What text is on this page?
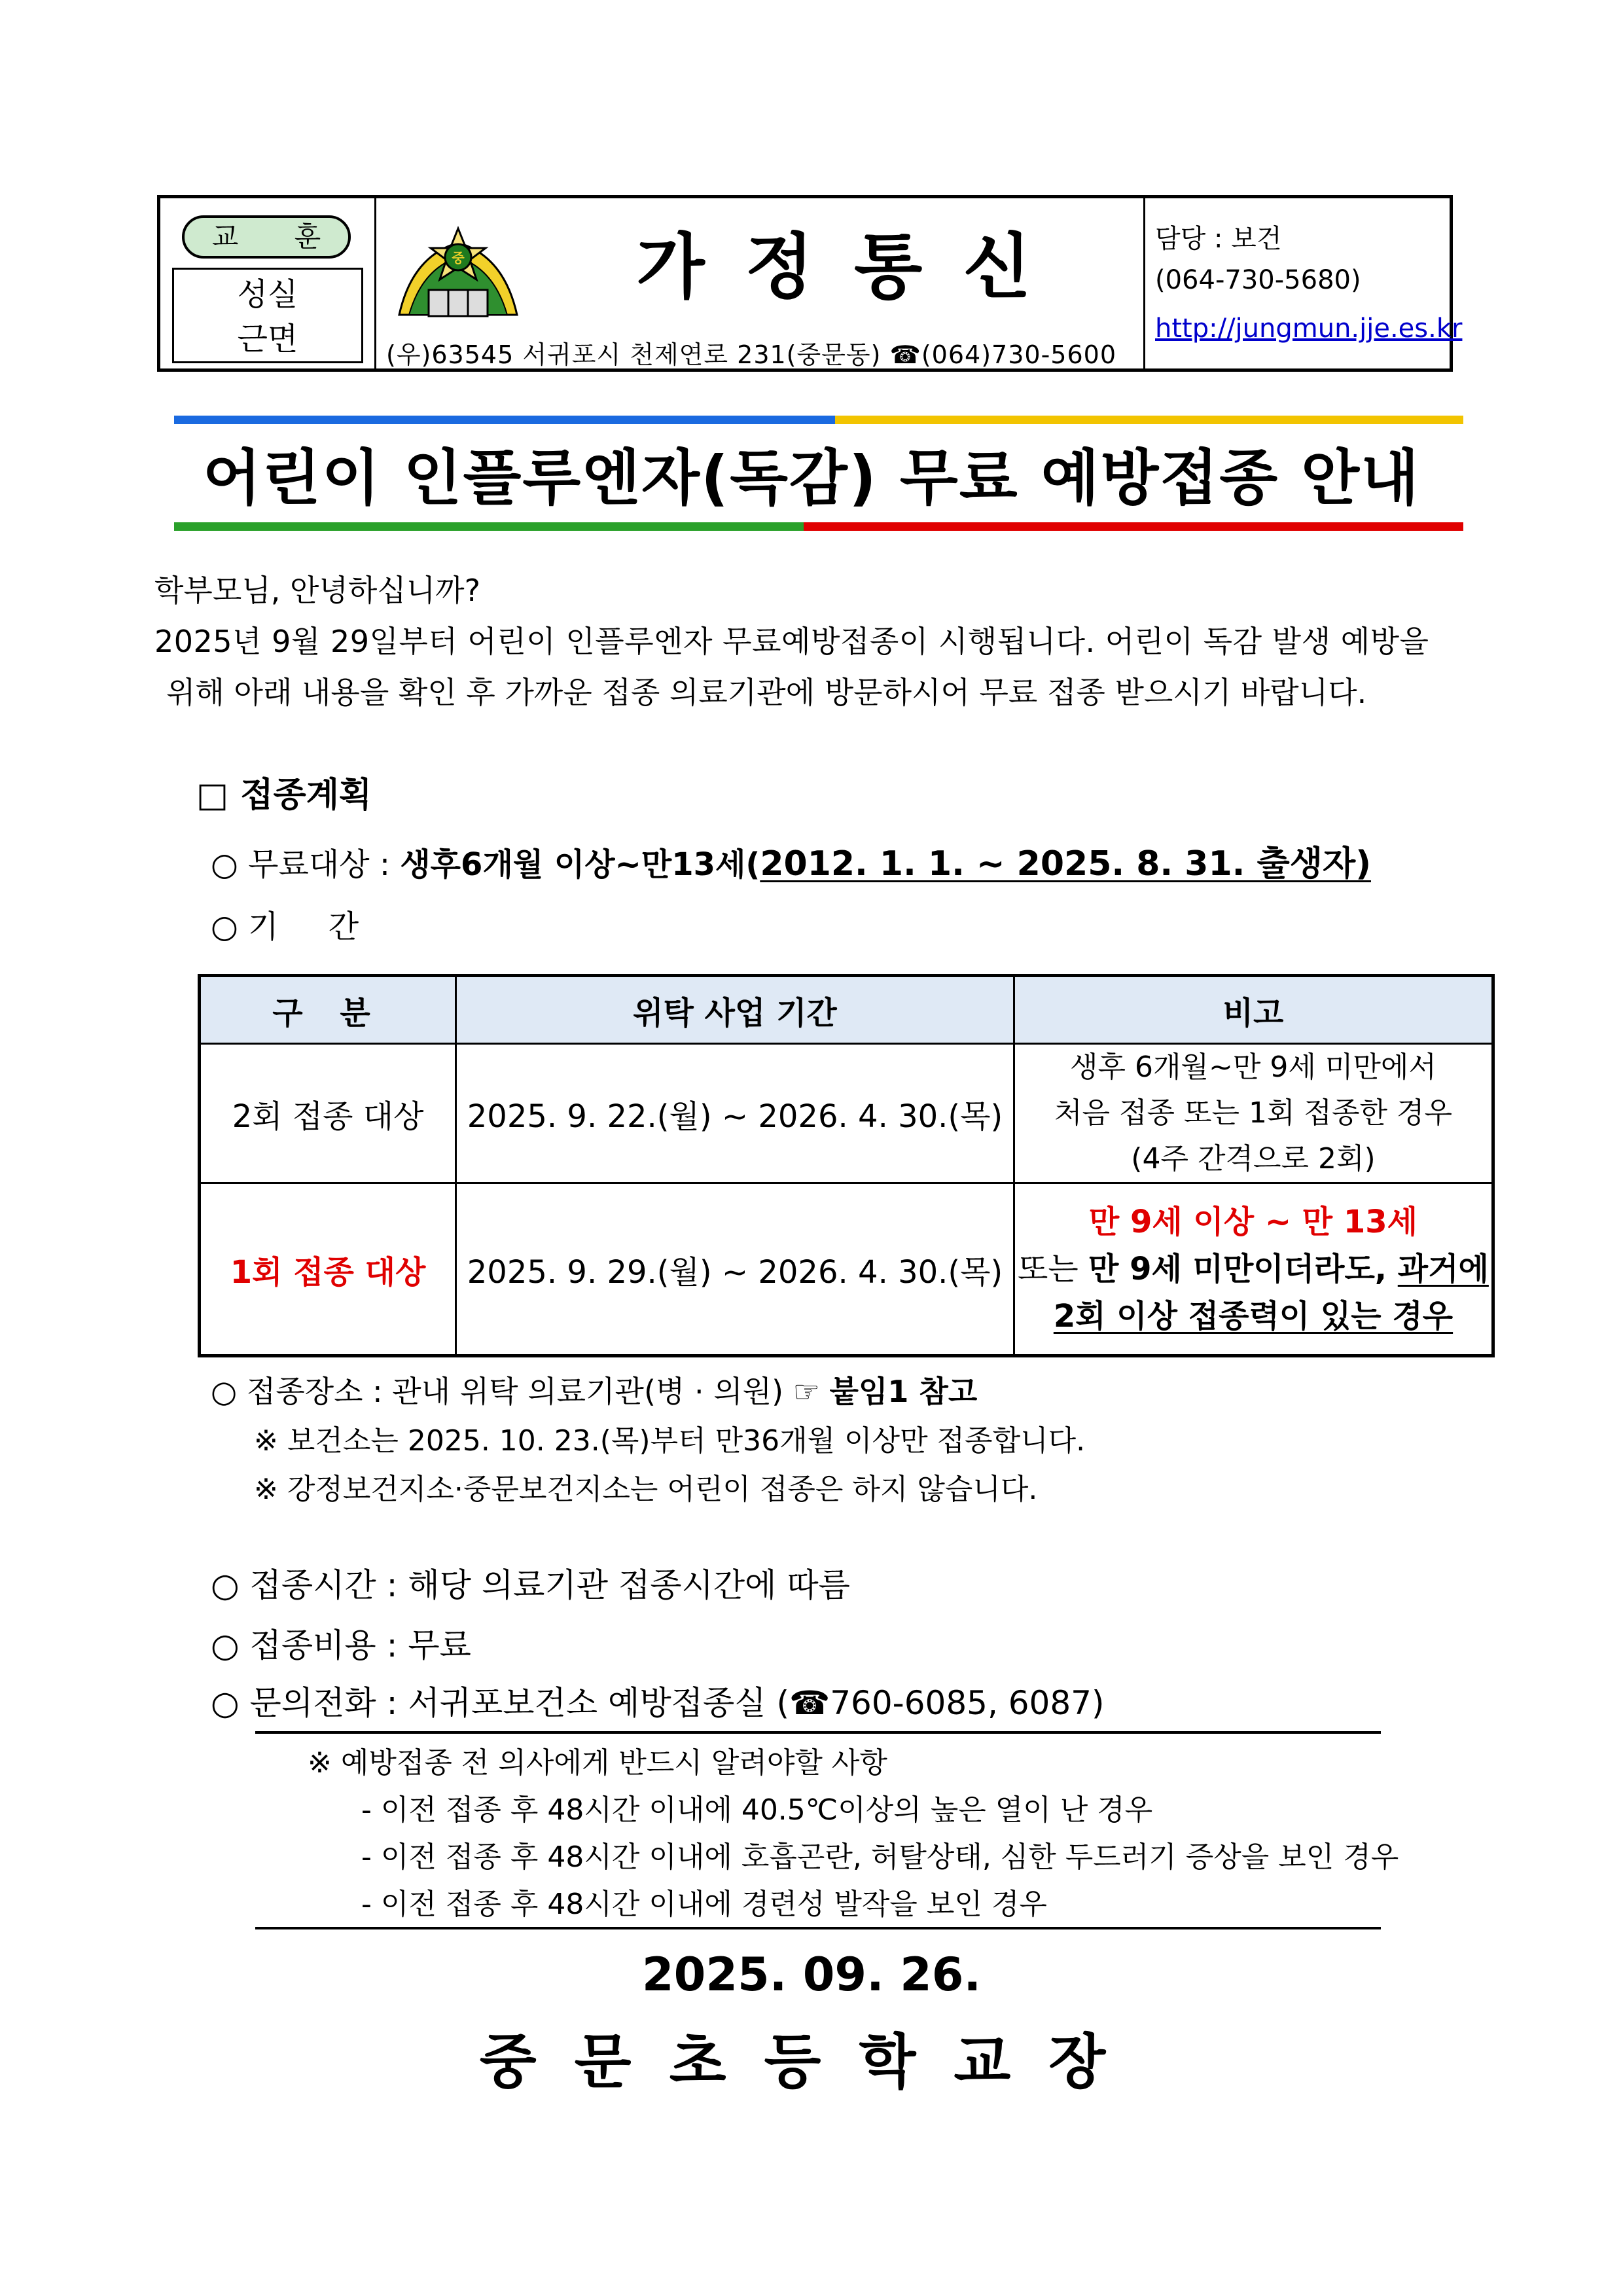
교 훈
성실
근면
중	가정통신
(우)63545 서귀포시 천제연로 231(중문동) ☎(064)730-5600
담당 : 보건
(064-730-5680)
http://jungmun.jje.es.kr
어린이 인플루엔자(독감) 무료 예방접종 안내
학부모님, 안녕하십니까?
2025년 9월 29일부터 어린이 인플루엔자 무료예방접종이 시행됩니다. 어린이 독감 발생 예방을
위해 아래 내용을 확인 후 가까운 접종 의료기관에 방문하시어 무료 접종 받으시기 바랍니다.
□ 접종계획
○ 무료대상 : 생후6개월 이상~만13세(2012. 1. 1. ~ 2025. 8. 31. 출생자)
○ 기     간
구 분	위탁 사업 기간	비고
2회 접종 대상	2025. 9. 22.(월) ~ 2026. 4. 30.(목)	생후 6개월~만 9세 미만에서
처음 접종 또는 1회 접종한 경우
(4주 간격으로 2회)

1회 접종 대상	2025. 9. 29.(월) ~ 2026. 4. 30.(목)	만 9세 이상 ~ 만 13세
또는 만 9세 미만이더라도, 과거에
2회 이상 접종력이 있는 경우
○ 접종장소 : 관내 위탁 의료기관(병 · 의원) ☞ 붙임1 참고
※ 보건소는 2025. 10. 23.(목)부터 만36개월 이상만 접종합니다.
※ 강정보건지소·중문보건지소는 어린이 접종은 하지 않습니다.
○ 접종시간 : 해당 의료기관 접종시간에 따름
○ 접종비용 : 무료
○ 문의전화 : 서귀포보건소 예방접종실 (☎760-6085, 6087)
※ 예방접종 전 의사에게 반드시 알려야할 사항
- 이전 접종 후 48시간 이내에 40.5℃이상의 높은 열이 난 경우
- 이전 접종 후 48시간 이내에 호흡곤란, 허탈상태, 심한 두드러기 증상을 보인 경우
- 이전 접종 후 48시간 이내에 경련성 발작을 보인 경우
2025. 09. 26.
중문초등학교장
